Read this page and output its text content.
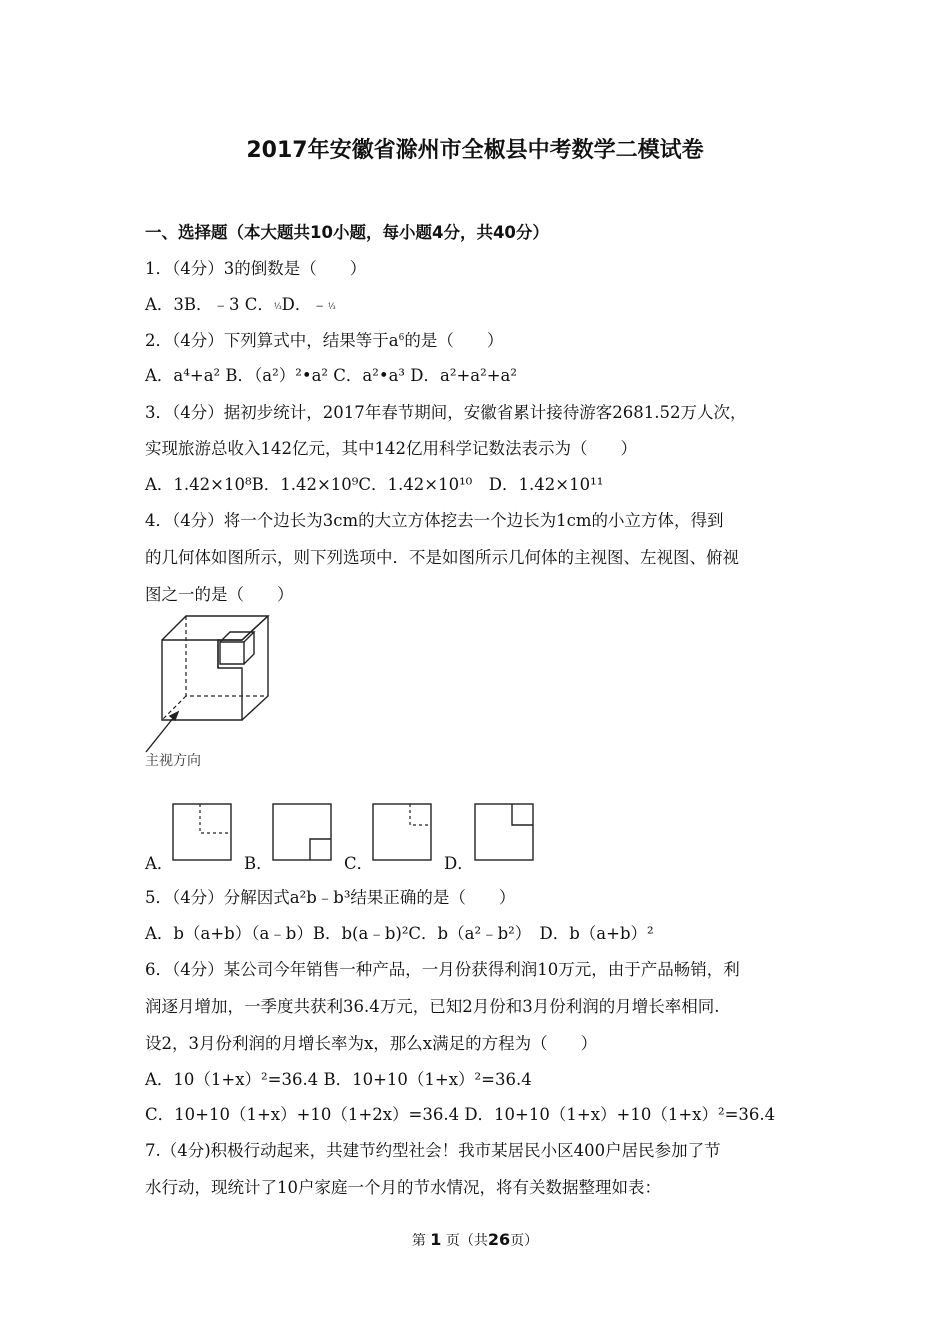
2017年安徽省滁州市全椒县中考数学二模试卷
一、选择题（本大题共10小题，每小题4分，共40分）
1．（4分）3的倒数是（　　）
A．3B．﹣3 C．⅓D．﹣⅓
2．（4分）下列算式中，结果等于$a^6$的是（　　）
A．a⁴+a² B．（a²）²•a² C．a²•a³ D．a²+a²+a²
3．（4分）据初步统计，2017年春节期间，安徽省累计接待游客2681.52万人次，
实现旅游总收入142亿元，其中142亿用科学记数法表示为（　　）
A．1.42×10⁸B．1.42×10⁹C．1.42×10¹⁰　D．1.42×10¹¹
4．（4分）将一个边长为3cm的大立方体挖去一个边长为1cm的小立方体，得到
的几何体如图所示，则下列选项中．不是如图所示几何体的主视图、左视图、俯视
图之一的是（　　）
主视方向
A．	B．	C．	D．
5．（4分）分解因式a²b﹣b³结果正确的是（　　）
A．b（a+b）（a﹣b）B．b(a﹣b)²C．b（a²﹣b²）　D．b（a+b）²
6．（4分）某公司今年销售一种产品，一月份获得利润10万元，由于产品畅销，利
润逐月增加，一季度共获利36.4万元，已知2月份和3月份利润的月增长率相同.
设2，3月份利润的月增长率为x，那么x满足的方程为（　　）
A．10（1+x）²=36.4 B．10+10（1+x）²=36.4
C．10+10（1+x）+10（1+2x）=36.4 D．10+10（1+x）+10（1+x）²=36.4
7.（4分)积极行动起来，共建节约型社会！我市某居民小区400户居民参加了节
水行动，现统计了10户家庭一个月的节水情况，将有关数据整理如表：
第 1 页（共26页）
